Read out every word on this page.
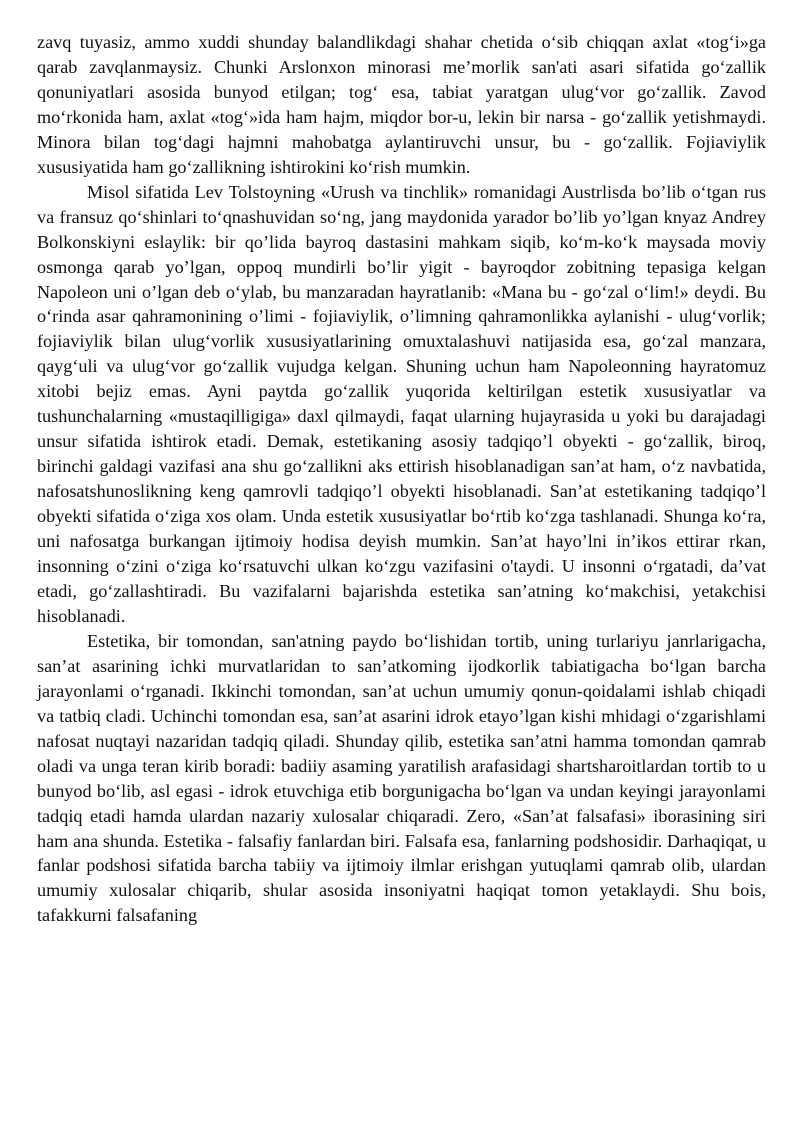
zavq tuyasiz, ammo xuddi shunday balandlikdagi shahar chetida o‘sib chiqqan axlat «tog‘i»ga qarab zavqlanmaysiz. Chunki Arslonxon minorasi me’morlik san'ati asari sifatida go‘zallik qonuniyatlari asosida bunyod etilgan; tog‘ esa, tabiat yaratgan ulug‘vor go‘zallik. Zavod mo‘rkonida ham, axlat «tog‘»ida ham hajm, miqdor bor-u, lekin bir narsa - go‘zallik yetishmaydi. Minora bilan tog‘dagi hajmni mahobatga aylantiruvchi unsur, bu - go‘zallik. Fojiaviylik xususiyatida ham go‘zallikning ishtirokini ko‘rish mumkin.

Misol sifatida Lev Tolstoyning «Urush va tinchlik» romanidagi Austrlisda bo’lib o‘tgan rus va fransuz qo‘shinlari to‘qnashuvidan so‘ng, jang maydonida yarador bo’lib yo’lgan knyaz Andrey Bolkonskiyni eslaylik: bir qo’lida bayroq dastasini mahkam siqib, ko‘m-ko‘k maysada moviy osmonga qarab yo’lgan, oppoq mundirli bo’lir yigit - bayroqdor zobitning tepasiga kelgan Napoleon uni o’lgan deb o‘ylab, bu manzaradan hayratlanib: «Mana bu - go‘zal o‘lim!» deydi. Bu o‘rinda asar qahramonining o’limi - fojiaviylik, o’limning qahramonlikka aylanishi - ulug‘vorlik; fojiaviylik bilan ulug‘vorlik xususiyatlarining omuxtalashuvi natijasida esa, go‘zal manzara, qayg‘uli va ulug‘vor go‘zallik vujudga kelgan. Shuning uchun ham Napoleonning hayratomuz xitobi bejiz emas. Ayni paytda go‘zallik yuqorida keltirilgan estetik xususiyatlar va tushunchalarning «mustaqilligiga» daxl qilmaydi, faqat ularning hujayrasida u yoki bu darajadagi unsur sifatida ishtirok etadi. Demak, estetikaning asosiy tadqiqo’l obyekti - go‘zallik, biroq, birinchi galdagi vazifasi ana shu go‘zallikni aks ettirish hisoblanadigan san’at ham, o‘z navbatida, nafosatshunoslikning keng qamrovli tadqiqo’l obyekti hisoblanadi. San’at estetikaning tadqiqo’l obyekti sifatida o‘ziga xos olam. Unda estetik xususiyatlar bo‘rtib ko‘zga tashlanadi. Shunga ko‘ra, uni nafosatga burkangan ijtimoiy hodisa deyish mumkin. San’at hayo’lni in’ikos ettirar rkan, insonning o‘zini o‘ziga ko‘rsatuvchi ulkan ko‘zgu vazifasini o'taydi. U insonni o‘rgatadi, da’vat etadi, go‘zallashtiradi. Bu vazifalarni bajarishda estetika san’atning ko‘makchisi, yetakchisi hisoblanadi.

Estetika, bir tomondan, san'atning paydo bo‘lishidan tortib, uning turlariyu janrlarigacha, san’at asarining ichki murvatlaridan to san’atkoming ijodkorlik tabiatigacha bo‘lgan barcha jarayonlami o‘rganadi. Ikkinchi tomondan, san’at uchun umumiy qonun-qoidalami ishlab chiqadi va tatbiq cladi. Uchinchi tomondan esa, san’at asarini idrok etayo’lgan kishi mhidagi o‘zgarishlami nafosat nuqtayi nazaridan tadqiq qiladi. Shunday qilib, estetika san’atni hamma tomondan qamrab oladi va unga teran kirib boradi: badiiy asaming yaratilish arafasidagi shartsharoitlardan tortib to u bunyod bo‘lib, asl egasi - idrok etuvchiga etib borgunigacha bo‘lgan va undan keyingi jarayonlami tadqiq etadi hamda ulardan nazariy xulosalar chiqaradi. Zero, «San’at falsafasi» iborasining siri ham ana shunda. Estetika - falsafiy fanlardan biri. Falsafa esa, fanlarning podshosidir. Darhaqiqat, u fanlar podshosi sifatida barcha tabiiy va ijtimoiy ilmlar erishgan yutuqlami qamrab olib, ulardan umumiy xulosalar chiqarib, shular asosida insoniyatni haqiqat tomon yetaklaydi. Shu bois, tafakkurni falsafaning
